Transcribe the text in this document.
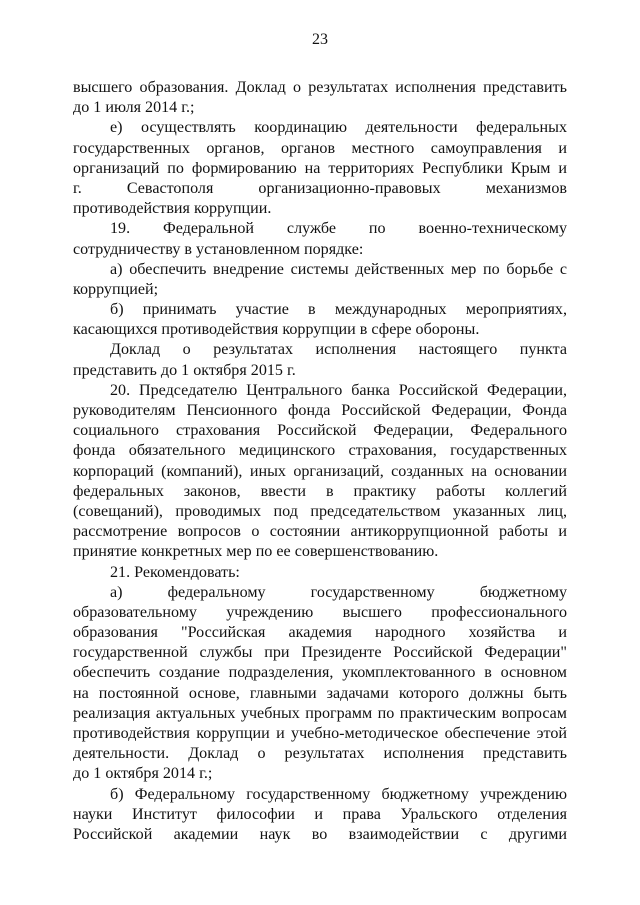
23
высшего образования. Доклад о результатах исполнения представить
до 1 июля 2014 г.;
е) осуществлять координацию деятельности федеральных
государственных органов, органов местного самоуправления и
организаций по формированию на территориях Республики Крым и
г. Севастополя организационно-правовых механизмов
противодействия коррупции.
19. Федеральной службе по военно-техническому
сотрудничеству в установленном порядке:
а) обеспечить внедрение системы действенных мер по борьбе с
коррупцией;
б) принимать участие в международных мероприятиях,
касающихся противодействия коррупции в сфере обороны.
Доклад о результатах исполнения настоящего пункта
представить до 1 октября 2015 г.
20. Председателю Центрального банка Российской Федерации,
руководителям Пенсионного фонда Российской Федерации, Фонда
социального страхования Российской Федерации, Федерального
фонда обязательного медицинского страхования, государственных
корпораций (компаний), иных организаций, созданных на основании
федеральных законов, ввести в практику работы коллегий
(совещаний), проводимых под председательством указанных лиц,
рассмотрение вопросов о состоянии антикоррупционной работы и
принятие конкретных мер по ее совершенствованию.
21. Рекомендовать:
а) федеральному государственному бюджетному
образовательному учреждению высшего профессионального
образования "Российская академия народного хозяйства и
государственной службы при Президенте Российской Федерации"
обеспечить создание подразделения, укомплектованного в основном
на постоянной основе, главными задачами которого должны быть
реализация актуальных учебных программ по практическим вопросам
противодействия коррупции и учебно-методическое обеспечение этой
деятельности. Доклад о результатах исполнения представить
до 1 октября 2014 г.;
б) Федеральному государственному бюджетному учреждению
науки Институт философии и права Уральского отделения
Российской академии наук во взаимодействии с другими
